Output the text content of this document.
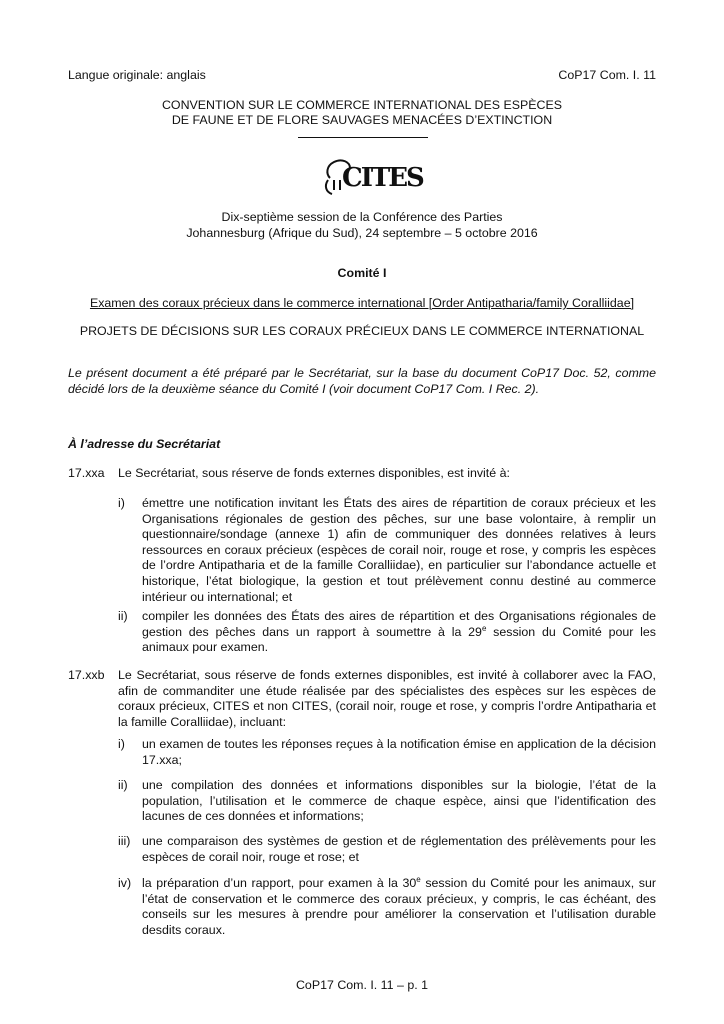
Langue originale: anglais	CoP17 Com. I. 11
CONVENTION SUR LE COMMERCE INTERNATIONAL DES ESPÈCES
DE FAUNE ET DE FLORE SAUVAGES MENACÉES D’EXTINCTION
CITES
Dix-septième session de la Conférence des Parties
Johannesburg (Afrique du Sud), 24 septembre – 5 octobre 2016
Comité I
Examen des coraux précieux dans le commerce international [Order Antipatharia/family Coralliidae]
PROJETS DE DÉCISIONS SUR LES CORAUX PRÉCIEUX DANS LE COMMERCE INTERNATIONAL
Le présent document a été préparé par le Secrétariat, sur la base du document CoP17 Doc. 52, comme décidé lors de la deuxième séance du Comité I (voir document CoP17 Com. I Rec. 2).
À l’adresse du Secrétariat
17.xxa	Le Secrétariat, sous réserve de fonds externes disponibles, est invité à:
i)	émettre une notification invitant les États des aires de répartition de coraux précieux et les Organisations régionales de gestion des pêches, sur une base volontaire, à remplir un questionnaire/sondage (annexe 1) afin de communiquer des données relatives à leurs ressources en coraux précieux (espèces de corail noir, rouge et rose, y compris les espèces de l’ordre Antipatharia et de la famille Coralliidae), en particulier sur l’abondance actuelle et historique, l’état biologique, la gestion et tout prélèvement connu destiné au commerce intérieur ou international; et
ii)	compiler les données des États des aires de répartition et des Organisations régionales de gestion des pêches dans un rapport à soumettre à la 29e session du Comité pour les animaux pour examen.
17.xxb	Le Secrétariat, sous réserve de fonds externes disponibles, est invité à collaborer avec la FAO, afin de commanditer une étude réalisée par des spécialistes des espèces sur les espèces de coraux précieux, CITES et non CITES, (corail noir, rouge et rose, y compris l’ordre Antipatharia et la famille Coralliidae), incluant:
i)	un examen de toutes les réponses reçues à la notification émise en application de la décision 17.xxa;
ii)	une compilation des données et informations disponibles sur la biologie, l’état de la population, l’utilisation et le commerce de chaque espèce, ainsi que l’identification des lacunes de ces données et informations;
iii) une comparaison des systèmes de gestion et de réglementation des prélèvements pour les espèces de corail noir, rouge et rose; et
iv) la préparation d’un rapport, pour examen à la 30e session du Comité pour les animaux, sur l’état de conservation et le commerce des coraux précieux, y compris, le cas échéant, des conseils sur les mesures à prendre pour améliorer la conservation et l’utilisation durable desdits coraux.
CoP17 Com. I. 11 – p. 1
